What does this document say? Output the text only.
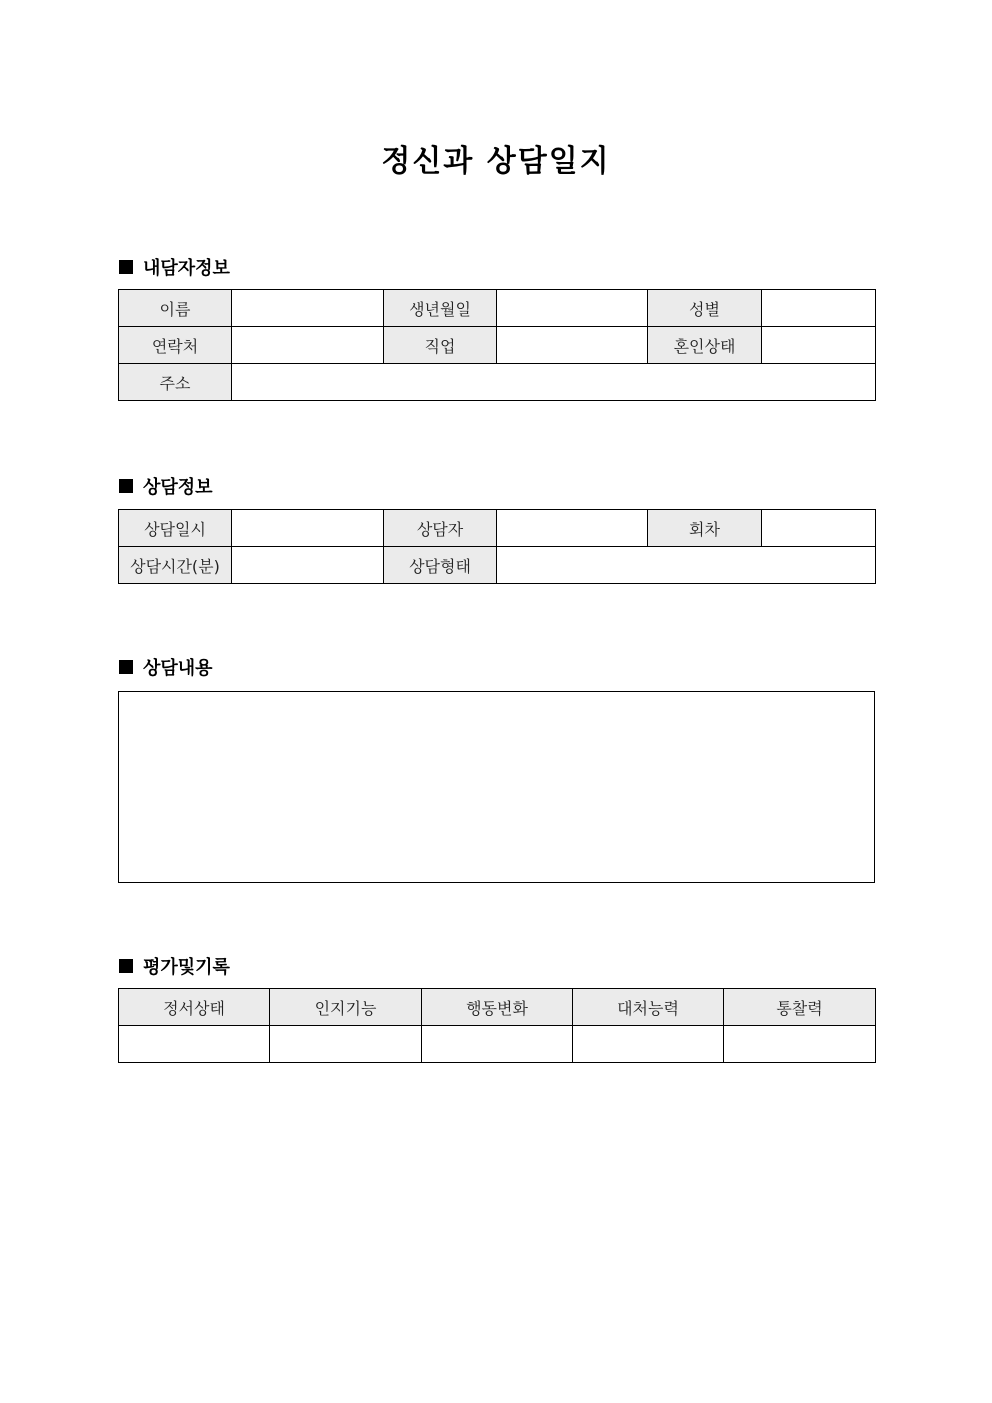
정신과 상담일지
내담자정보
이름		생년월일		성별	
연락처		직업		혼인상태	
주소					
상담정보
상담일시		상담자		회차	
상담시간(분)		상담형태			
상담내용
평가및기록
정서상태	인지기능	행동변화	대처능력	통찰력
